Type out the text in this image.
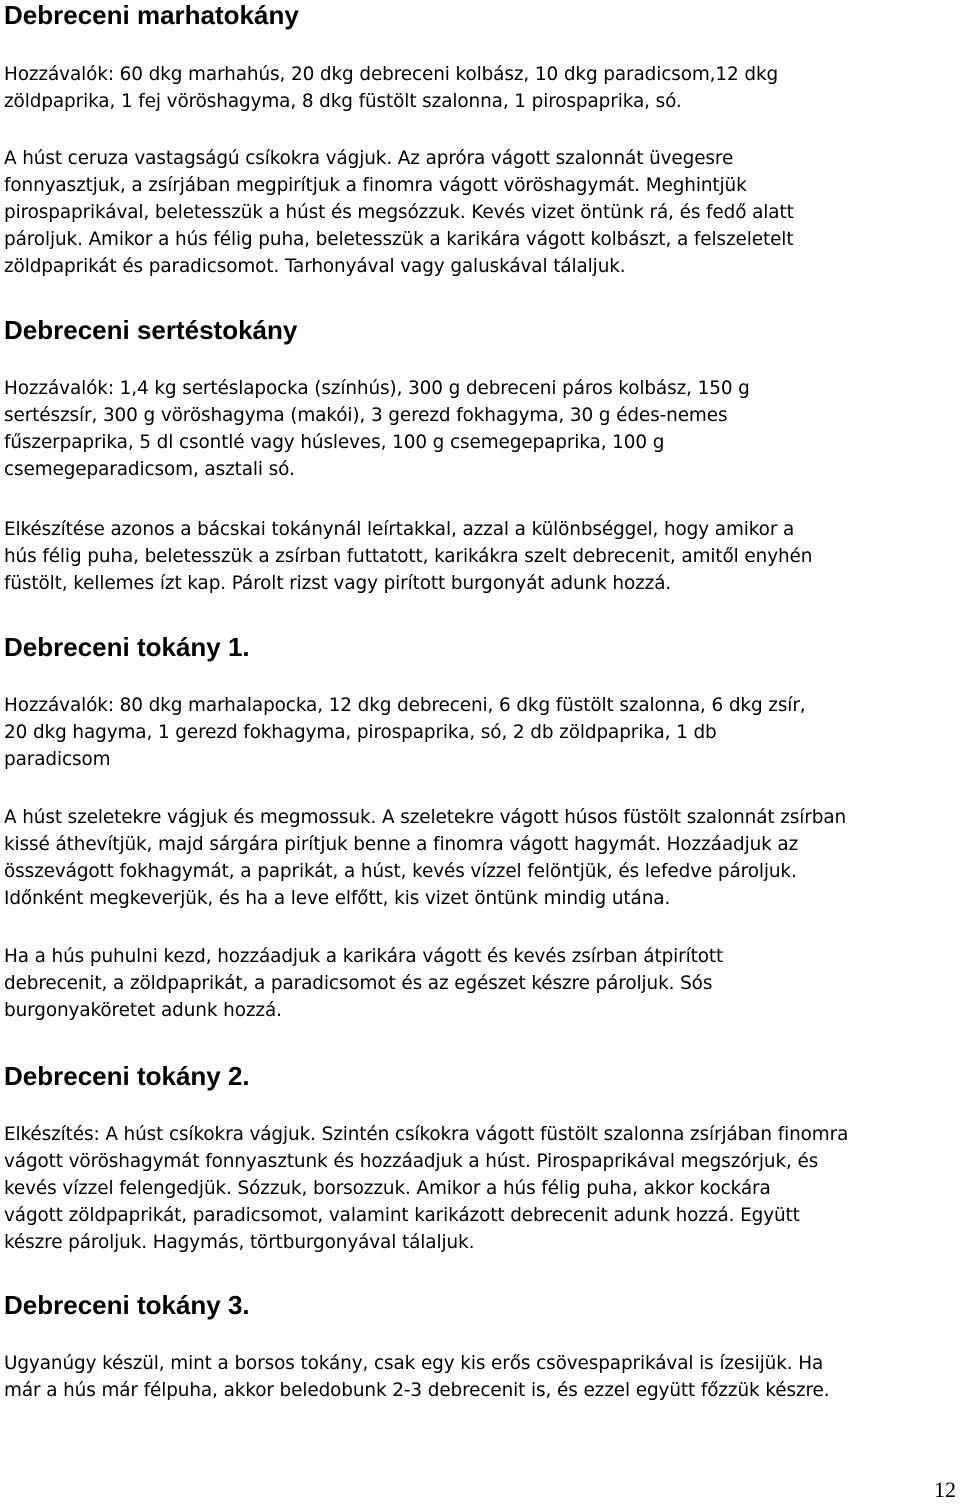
Debreceni marhatokány

Hozzávalók: 60 dkg marhahús, 20 dkg debreceni kolbász, 10 dkg paradicsom,12 dkg
zöldpaprika, 1 fej vöröshagyma, 8 dkg füstölt szalonna, 1 pirospaprika, só.

A húst ceruza vastagságú csíkokra vágjuk. Az apróra vágott szalonnát üvegesre
fonnyasztjuk, a zsírjában megpirítjuk a finomra vágott vöröshagymát. Meghintjük
pirospaprikával, beletesszük a húst és megsózzuk. Kevés vizet öntünk rá, és fedő alatt
pároljuk. Amikor a hús félig puha, beletesszük a karikára vágott kolbászt, a felszeletelt
zöldpaprikát és paradicsomot. Tarhonyával vagy galuskával tálaljuk.

Debreceni sertéstokány

Hozzávalók: 1,4 kg sertéslapocka (színhús), 300 g debreceni páros kolbász, 150 g
sertészsír, 300 g vöröshagyma (makói), 3 gerezd fokhagyma, 30 g édes-nemes
fűszerpaprika, 5 dl csontlé vagy húsleves, 100 g csemegepaprika, 100 g
csemegeparadicsom, asztali só.

Elkészítése azonos a bácskai tokánynál leírtakkal, azzal a különbséggel, hogy amikor a
hús félig puha, beletesszük a zsírban futtatott, karikákra szelt debrecenit, amitől enyhén
füstölt, kellemes ízt kap. Párolt rizst vagy pirított burgonyát adunk hozzá.

Debreceni tokány 1.

Hozzávalók: 80 dkg marhalapocka, 12 dkg debreceni, 6 dkg füstölt szalonna, 6 dkg zsír,
20 dkg hagyma, 1 gerezd fokhagyma, pirospaprika, só, 2 db zöldpaprika, 1 db
paradicsom

A húst szeletekre vágjuk és megmossuk. A szeletekre vágott húsos füstölt szalonnát zsírban
kissé áthevítjük, majd sárgára pirítjuk benne a finomra vágott hagymát. Hozzáadjuk az
összevágott fokhagymát, a paprikát, a húst, kevés vízzel felöntjük, és lefedve pároljuk.
Időnként megkeverjük, és ha a leve elfőtt, kis vizet öntünk mindig utána.

Ha a hús puhulni kezd, hozzáadjuk a karikára vágott és kevés zsírban átpirított
debrecenit, a zöldpaprikát, a paradicsomot és az egészet készre pároljuk. Sós
burgonyaköretet adunk hozzá.

Debreceni tokány 2.

Elkészítés: A húst csíkokra vágjuk. Szintén csíkokra vágott füstölt szalonna zsírjában finomra
vágott vöröshagymát fonnyasztunk és hozzáadjuk a húst. Pirospaprikával megszórjuk, és
kevés vízzel felengedjük. Sózzuk, borsozzuk. Amikor a hús félig puha, akkor kockára
vágott zöldpaprikát, paradicsomot, valamint karikázott debrecenit adunk hozzá. Együtt
készre pároljuk. Hagymás, törtburgonyával tálaljuk.

Debreceni tokány 3.

Ugyanúgy készül, mint a borsos tokány, csak egy kis erős csövespaprikával is ízesijük. Ha
már a hús már félpuha, akkor beledobunk 2-3 debrecenit is, és ezzel együtt főzzük készre.

12
